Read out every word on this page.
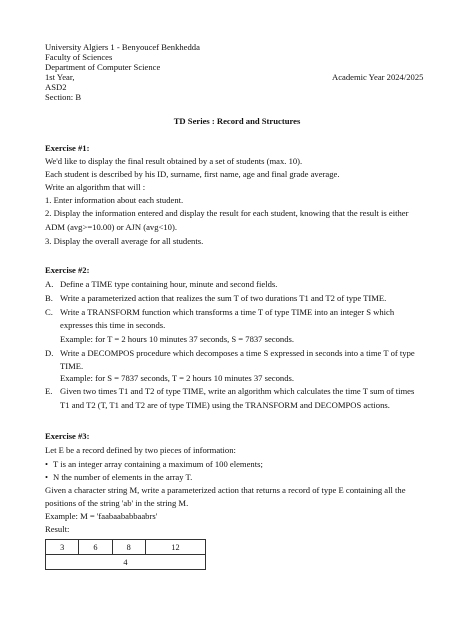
University Algiers 1 - Benyoucef Benkhedda
Faculty of Sciences
Department of Computer Science
1st Year,	Academic Year 2024/2025
ASD2
Section: B
TD Series : Record and Structures
Exercise #1:
We'd like to display the final result obtained by a set of students (max. 10).
Each student is described by his ID, surname, first name, age and final grade average.
Write an algorithm that will :
1. Enter information about each student.
2. Display the information entered and display the result for each student, knowing that the result is either
ADM (avg>=10.00) or AJN (avg<10).
3. Display the overall average for all students.
Exercise #2:
A. Define a TIME type containing hour, minute and second fields.
B. Write a parameterized action that realizes the sum T of two durations T1 and T2 of type TIME.
C. Write a TRANSFORM function which transforms a time T of type TIME into an integer S which
expresses this time in seconds.
Example: for T = 2 hours 10 minutes 37 seconds, S = 7837 seconds.
D. Write a DECOMPOS procedure which decomposes a time S expressed in seconds into a time T of type
TIME.
Example: for S = 7837 seconds, T = 2 hours 10 minutes 37 seconds.
E. Given two times T1 and T2 of type TIME, write an algorithm which calculates the time T sum of times
T1 and T2 (T, T1 and T2 are of type TIME) using the TRANSFORM and DECOMPOS actions.
Exercise #3:
Let E be a record defined by two pieces of information:
• T is an integer array containing a maximum of 100 elements;
• N the number of elements in the array T.
Given a character string M, write a parameterized action that returns a record of type E containing all the
positions of the string 'ab' in the string M.
Example: M = 'faabaababbaabrs'
Result:
3	6	8	12
4
